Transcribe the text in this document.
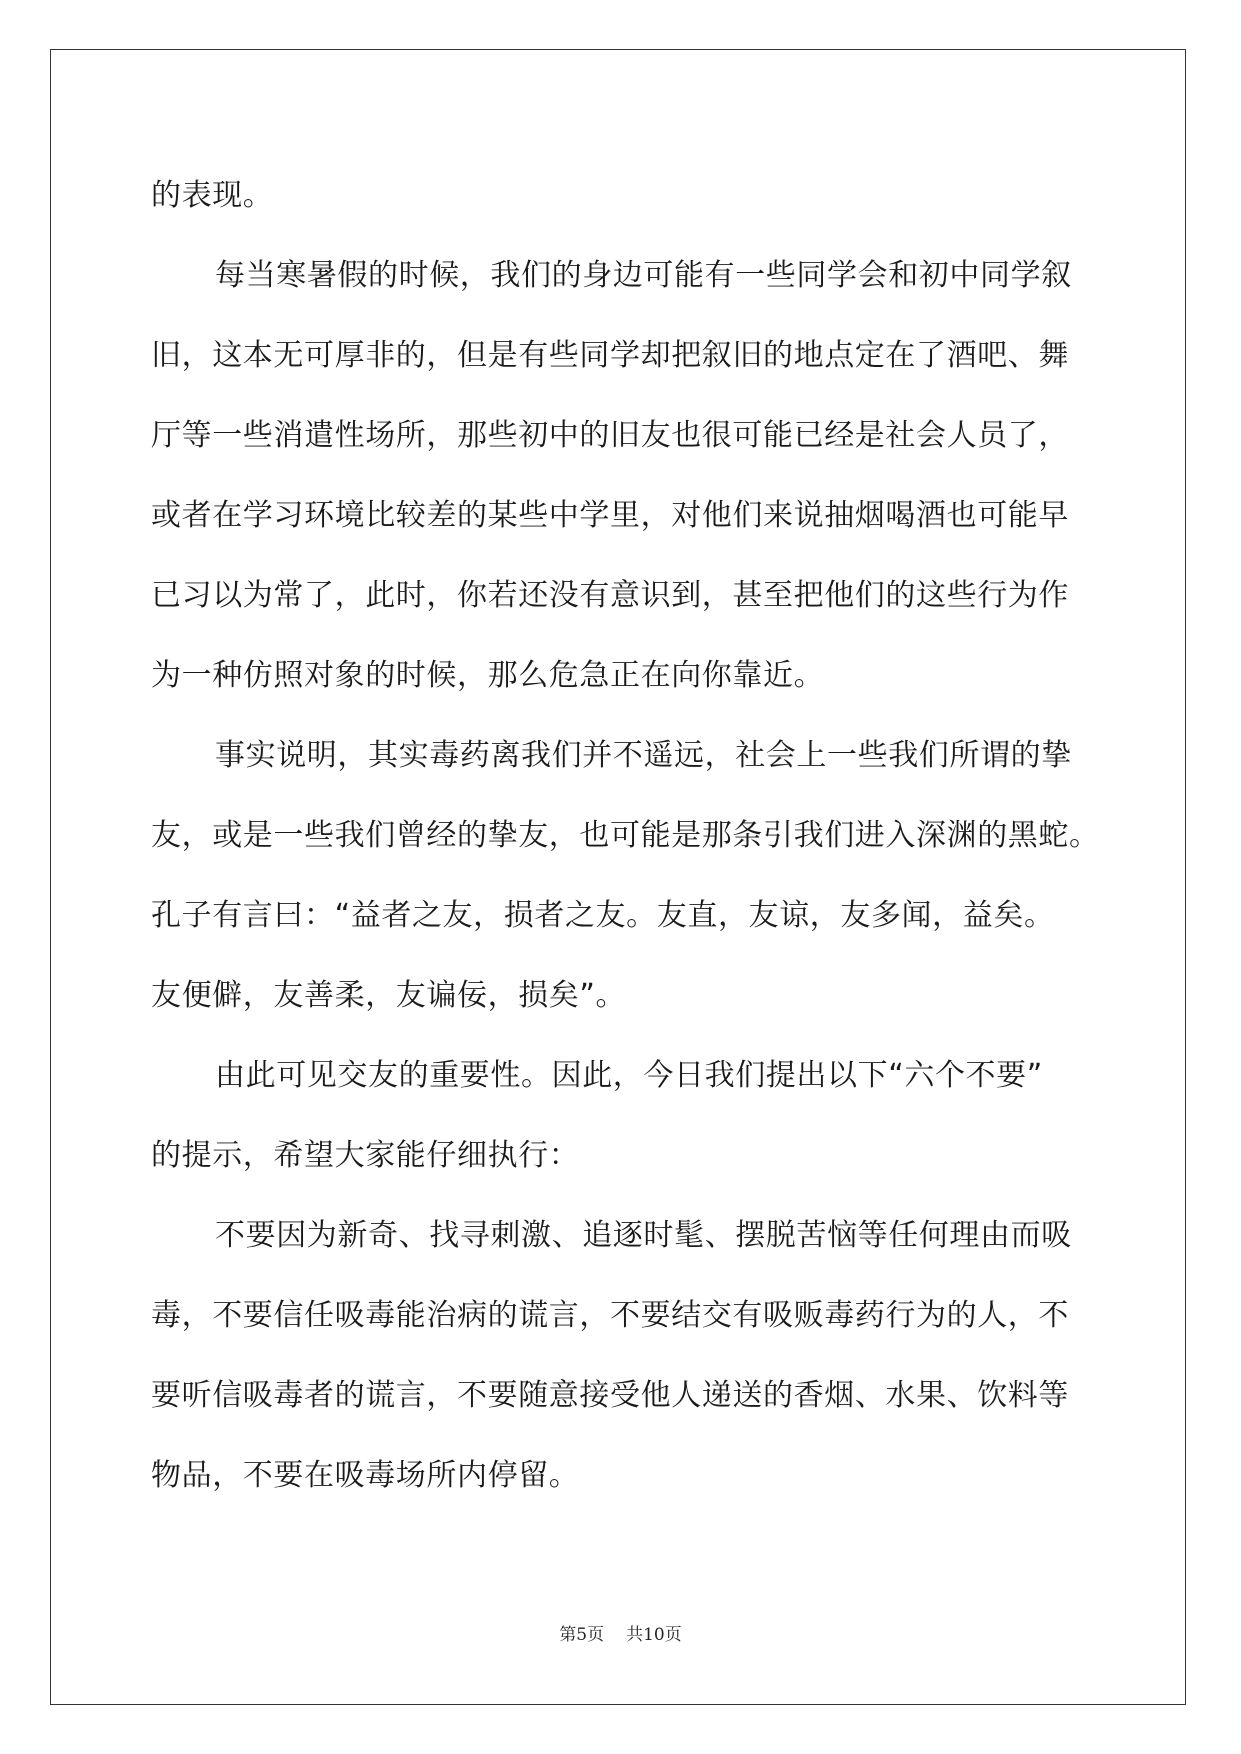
的表现。
每当寒暑假的时候，我们的身边可能有一些同学会和初中同学叙
旧，这本无可厚非的，但是有些同学却把叙旧的地点定在了酒吧、舞
厅等一些消遣性场所，那些初中的旧友也很可能已经是社会人员了，
或者在学习环境比较差的某些中学里，对他们来说抽烟喝酒也可能早
已习以为常了，此时，你若还没有意识到，甚至把他们的这些行为作
为一种仿照对象的时候，那么危急正在向你靠近。
事实说明，其实毒药离我们并不遥远，社会上一些我们所谓的挚
友，或是一些我们曾经的挚友，也可能是那条引我们进入深渊的黑蛇。
孔子有言曰：“益者之友，损者之友。友直，友谅，友多闻，益矣。
友便僻，友善柔，友谝佞，损矣”。
由此可见交友的重要性。因此，今日我们提出以下“六个不要”
的提示，希望大家能仔细执行：
不要因为新奇、找寻刺激、追逐时髦、摆脱苦恼等任何理由而吸
毒，不要信任吸毒能治病的谎言，不要结交有吸贩毒药行为的人，不
要听信吸毒者的谎言，不要随意接受他人递送的香烟、水果、饮料等
物品，不要在吸毒场所内停留。
第5页 共10页
